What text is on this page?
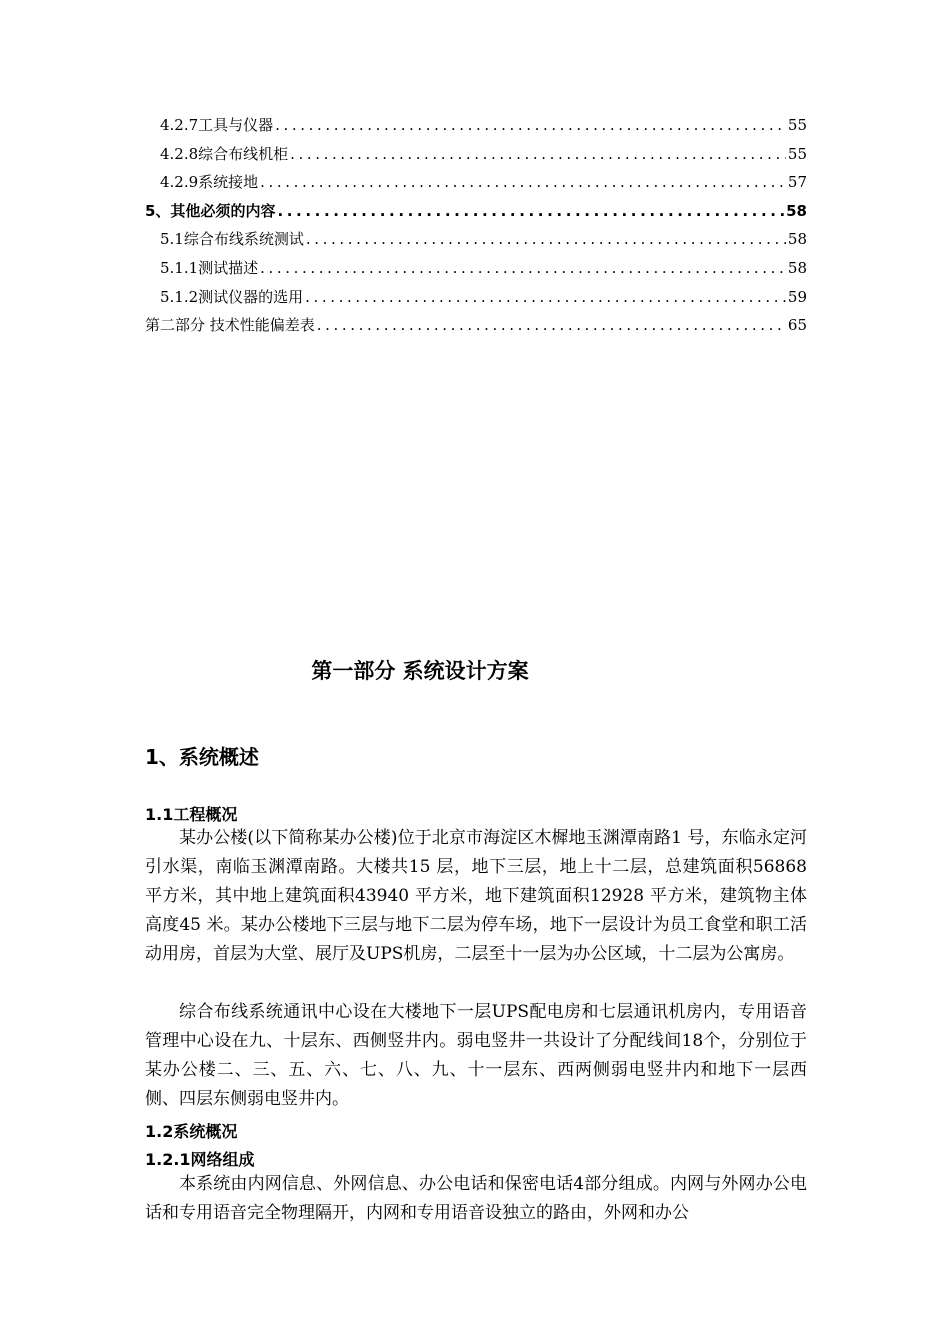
4.2.7工具与仪器 .....	55
4.2.8综合布线机柜 .....	55
4.2.9系统接地 .....	57
5、其他必须的内容 .....	58
5.1综合布线系统测试 .....	58
5.1.1测试描述 .....	58
5.1.2测试仪器的选用 .....	59
第二部分 技术性能偏差表 .....	65
第一部分 系统设计方案
1、系统概述
1.1工程概况

某办公楼(以下简称某办公楼)位于北京市海淀区木樨地玉渊潭南路1 号，东临永定河引水渠，南临玉渊潭南路。大楼共15 层，地下三层，地上十二层，总建筑面积56868 平方米，其中地上建筑面积43940 平方米，地下建筑面积12928 平方米，建筑物主体高度45 米。某办公楼地下三层与地下二层为停车场，地下一层设计为员工食堂和职工活动用房，首层为大堂、展厅及UPS机房，二层至十一层为办公区域，十二层为公寓房。

综合布线系统通讯中心设在大楼地下一层UPS配电房和七层通讯机房内，专用语音管理中心设在九、十层东、西侧竖井内。弱电竖井一共设计了分配线间18个，分别位于某办公楼二、三、五、六、七、八、九、十一层东、西两侧弱电竖井内和地下一层西侧、四层东侧弱电竖井内。

1.2系统概况
1.2.1网络组成

本系统由内网信息、外网信息、办公电话和保密电话4部分组成。内网与外网办公电话和专用语音完全物理隔开，内网和专用语音设独立的路由，外网和办公
